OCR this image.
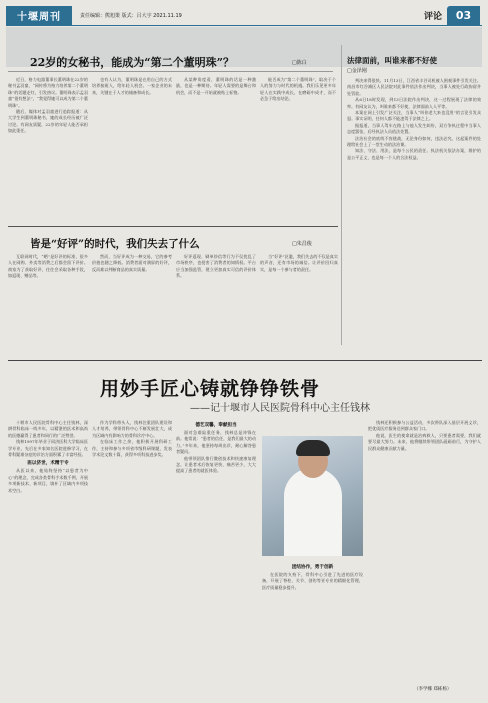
十堰周刊	责任编辑：熊旭策 版式：吕大宇 2021.11.19	评论	03
22岁的女秘书，能成为“第二个董明珠”？	□陈白

近日，格力电器董事长董明珠在22岁的秘书孟羽童，“网传将为格力培养第二个董明珠”的话题走红，引发热议。董明珠表示孟羽童“很有想法”，“我觉得她可以成为第二个董明珠”。

随后，媒体对孟羽童进行追踪报道：从大学生到董明珠秘书，她的成长经历被广泛讨论。有网友质疑，22岁的年轻人能否承担如此重任。

也有人认为，董明珠是在用自己的方式培养接班人，给年轻人机会。一家企业的未来，关键在于人才的储备和成长。

从某种角度看，董明珠的话是一种激励，也是一种期待。年轻人需要的是舞台和机会，而不是一开始就被贴上标签。

能否成为“第二个董明珠”，取决于个人的努力与时代的机遇。我们乐见更多年轻人在实践中成长，在磨砺中成才，而不必急于给出结论。

法律面前，叫谁来都不好使
□金泽刚

判决来得很快。11月13日，江西省丰谷司机被人围观事件引发关注。南昌市红谷滩区人民法院对此事件依法作出判决，当事人被处行政拘留并处罚款。

从6日18时发现，到13日法院作出判决，这一过程展现了法律的效率。有网友认为，叫谁来都不好使，法律面前人人平等。

本案在网上引发广泛关注，当事人“叫你老大来也没用”的言论引发众怒。事实证明，任何人都不能凌驾于法律之上。

据报道，当事人驾车在路上与他人发生纠纷，双方争执过程中当事人态度嚣张，后经执法人员依法处置。

法治社会的底线不容挑战，无论身份如何，违法必究。这起案件的处理给社会上了一堂生动的法治课。

知法、守法、用法，是每个公民的责任。执法机关依法办案，维护的是公平正义，也是每一个人的合法权益。

皆是“好评”的时代，我们失去了什么	□朱昌俊

互联网时代，“晒”是好评的标准，很多人在网购、外卖等消费之后都会留下评价。商家为了获取好评，往往会采取各种手段，如返现、赠品等。

然而，当好评成为一种交易，它的参考价值也随之降低。消费者面对满屏的好评，反而难以判断商品的真实质量。

好评返现、刷单炒信等行为不仅扰乱了市场秩序，也侵害了消费者的知情权。平台应当加强监管，建立更加真实可信的评价体系。

当“好评”泛滥，我们失去的不仅是真实的声音，还有市场的诚信。让评价回归真实，是每一个参与者的责任。

用妙手匠心铸就铮铮铁骨
——记十堰市人民医院骨科中心主任钱林

十堰市人民医院骨科中心主任钱林，深耕骨科临床一线多年，以精湛的医术和高尚的医德赢得了患者和同行的广泛赞誉。

钱林1997年毕业于同济医科大学临床医学专业，先后在多家知名医院进修学习，在骨科疑难杂症的诊治方面积累了丰富经验。

医以济世，术精于专

从医以来，他始终坚持“以患者为中心”的理念，完成各类骨科手术数千例，开展多项新技术、新项目，填补了区域内多项技术空白。

作为学科带头人，钱林注重团队建设和人才培养，带领骨科中心不断发展壮大，成为区域内有影响力的骨科诊疗中心。

在临床工作之余，他积极开展科研工作，主持和参与多项省市级科研课题，发表学术论文数十篇，获得多项科技进步奖。

德艺双馨，奉献担当

面对急难险重任务，钱林总是冲锋在前。他常说：“患者的信任，是我们最大的动力。”多年来，他坚持每周出诊，耐心解答患者疑问。

他带领团队推行微创技术和快速康复理念，让患者术后恢复更快、痛苦更少，大大提高了患者的就医体验。

团结协作，勇于创新

在医院的支持下，骨科中心引进了先进的医疗设备，开展了脊柱、关节、创伤等亚专业的精细化管理，医疗质量稳步提升。

钱林还积极参与公益活动，多次带队深入基层开展义诊，把优质医疗服务送到群众家门口。

他说，医生的使命就是治病救人，只要患者需要，我们就要尽最大努力。未来，他将继续带领团队砥砺前行，为守护人民群众健康贡献力量。

（李学娜 郑栋杨）
